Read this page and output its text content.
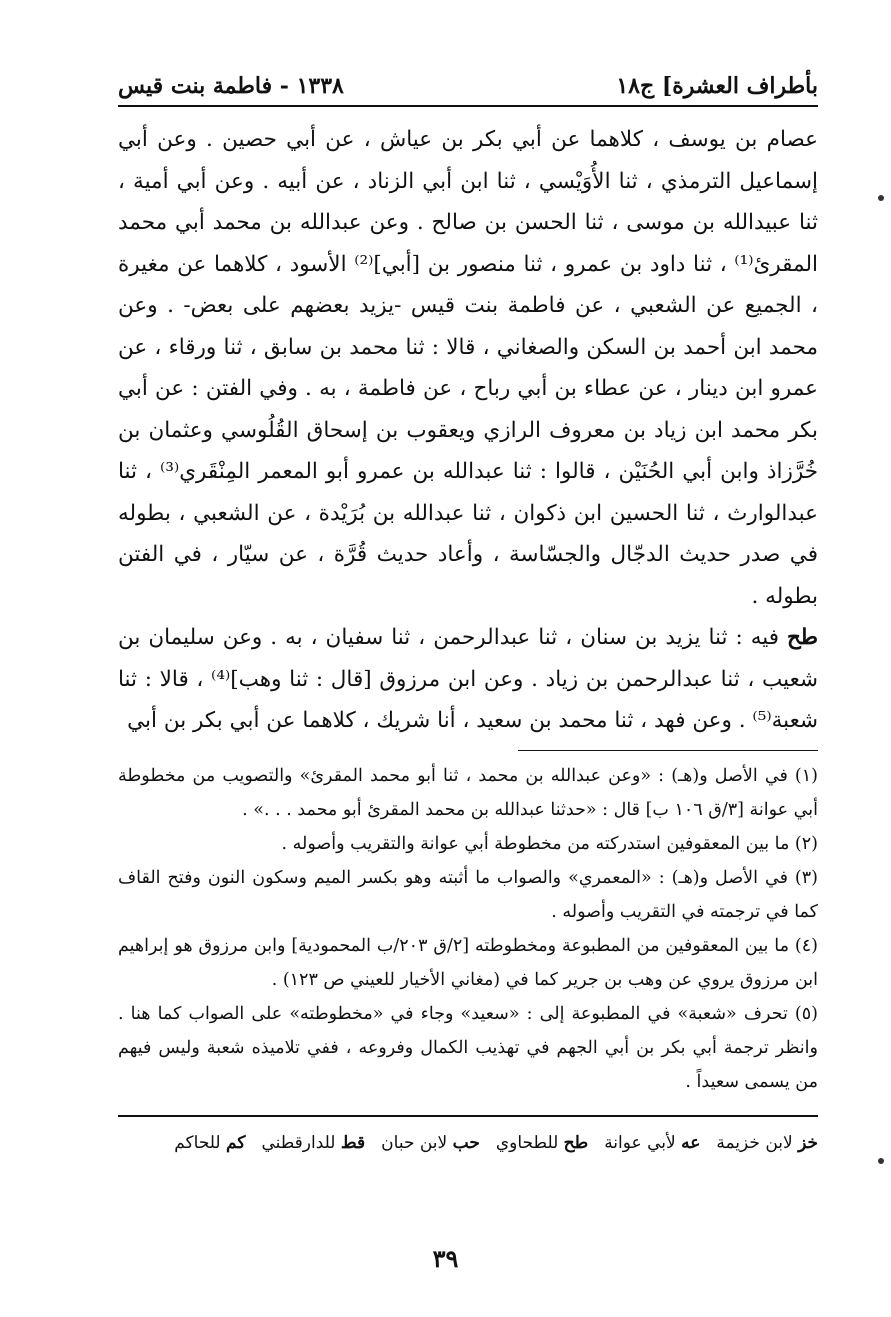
بأطراف العشرة] ج١٨
١٣٣٨ - فاطمة بنت قيس

عصام بن يوسف ، كلاهما عن أبي بكر بن عياش ، عن أبي حصين . وعن أبي إسماعيل الترمذي ، ثنا الأُوَيْسي ، ثنا ابن أبي الزناد ، عن أبيه . وعن أبي أمية ، ثنا عبيدالله بن موسى ، ثنا الحسن بن صالح . وعن عبدالله بن محمد أبي محمد المقرئ⁽¹⁾ ، ثنا داود بن عمرو ، ثنا منصور بن [أبي]⁽²⁾ الأسود ، كلاهما عن مغيرة ، الجميع عن الشعبي ، عن فاطمة بنت قيس -يزيد بعضهم على بعض- . وعن محمد ابن أحمد بن السكن والصغاني ، قالا : ثنا محمد بن سابق ، ثنا ورقاء ، عن عمرو ابن دينار ، عن عطاء بن أبي رباح ، عن فاطمة ، به . وفي الفتن : عن أبي بكر محمد ابن زياد بن معروف الرازي ويعقوب بن إسحاق القُلُوسي وعثمان بن خُرَّزاذ وابن أبي الحُنَيْن ، قالوا : ثنا عبدالله بن عمرو أبو المعمر المِنْقَري⁽³⁾ ، ثنا عبدالوارث ، ثنا الحسين ابن ذكوان ، ثنا عبدالله بن بُرَيْدة ، عن الشعبي ، بطوله في صدر حديث الدجّال والجسّاسة ، وأعاد حديث قُرَّة ، عن سيّار ، في الفتن بطوله .

طح فيه : ثنا يزيد بن سنان ، ثنا عبدالرحمن ، ثنا سفيان ، به . وعن سليمان بن شعيب ، ثنا عبدالرحمن بن زياد . وعن ابن مرزوق [قال : ثنا وهب]⁽⁴⁾ ، قالا : ثنا شعبة⁽⁵⁾ . وعن فهد ، ثنا محمد بن سعيد ، أنا شريك ، كلاهما عن أبي بكر بن أبي

(١) في الأصل و(هـ) : «وعن عبدالله بن محمد ، ثنا أبو محمد المقرئ» والتصويب من مخطوطة أبي عوانة [٣/ق ١٠٦ ب] قال : «حدثنا عبدالله بن محمد المقرئ أبو محمد . . .» .

(٢) ما بين المعقوفين استدركته من مخطوطة أبي عوانة والتقريب وأصوله .

(٣) في الأصل و(هـ) : «المعمري» والصواب ما أثبته وهو بكسر الميم وسكون النون وفتح القاف كما في ترجمته في التقريب وأصوله .

(٤) ما بين المعقوفين من المطبوعة ومخطوطته [٢/ق ٢٠٣/ب المحمودية] وابن مرزوق هو إبراهيم ابن مرزوق يروي عن وهب بن جرير كما في (مغاني الأخيار للعيني ص ١٢٣) .

(٥) تحرف «شعبة» في المطبوعة إلى : «سعيد» وجاء في «مخطوطته» على الصواب كما هنا . وانظر ترجمة أبي بكر بن أبي الجهم في تهذيب الكمال وفروعه ، ففي تلاميذه شعبة وليس فيهم من يسمى سعيداً .

خز لابن خزيمة
عه لأبي عوانة
طح للطحاوي
حب لابن حبان
قط للدارقطني
كم للحاكم
٣٩
